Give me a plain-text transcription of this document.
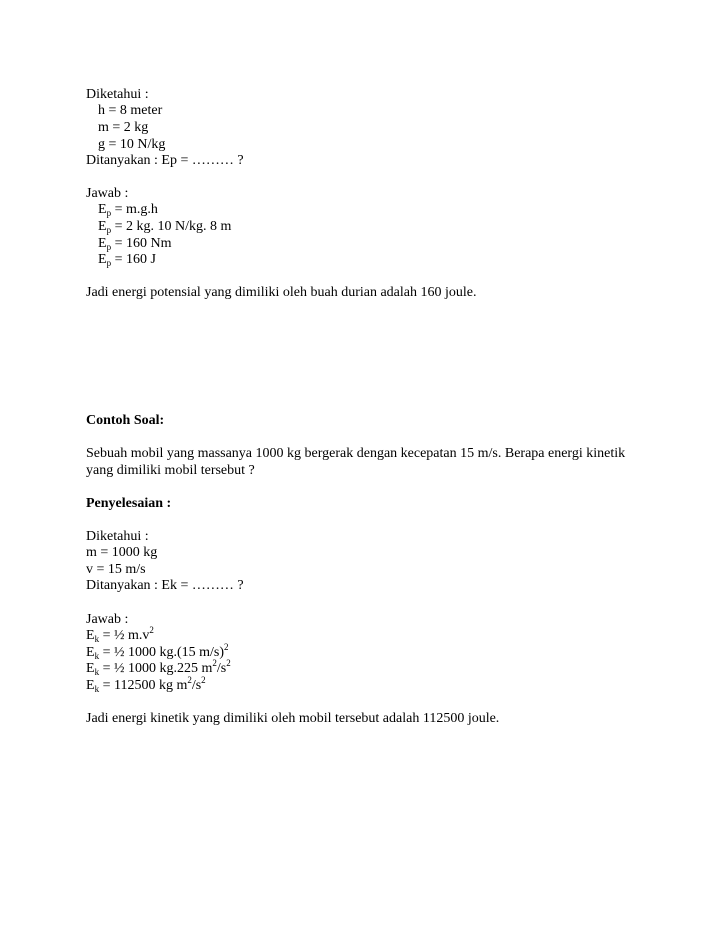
Diketahui :
h = 8 meter
m = 2 kg
g = 10 N/kg
Ditanyakan : Ep = ……… ?
Jawab :
$E_p = m.g.h$
$E_p = 2$ kg. 10 N/kg. 8 m
$E_p = 160$ Nm
$E_p = 160$ J
Jadi energi potensial yang dimiliki oleh buah durian adalah 160 joule.
Contoh Soal:
Sebuah mobil yang massanya 1000 kg bergerak dengan kecepatan 15 m/s. Berapa energi kinetik
yang dimiliki mobil tersebut ?
Penyelesaian :
Diketahui :
m = 1000 kg
v = 15 m/s
Ditanyakan : Ek = ……… ?
Jawab :
$E_k$ = ½ $m.v^2$
$E_k$ = ½ 1000 kg.(15 m/s)$^2$
$E_k$ = ½ 1000 kg.225 $m^2/s^2$
$E_k = 112500$ kg $m^2/s^2$
Jadi energi kinetik yang dimiliki oleh mobil tersebut adalah 112500 joule.
